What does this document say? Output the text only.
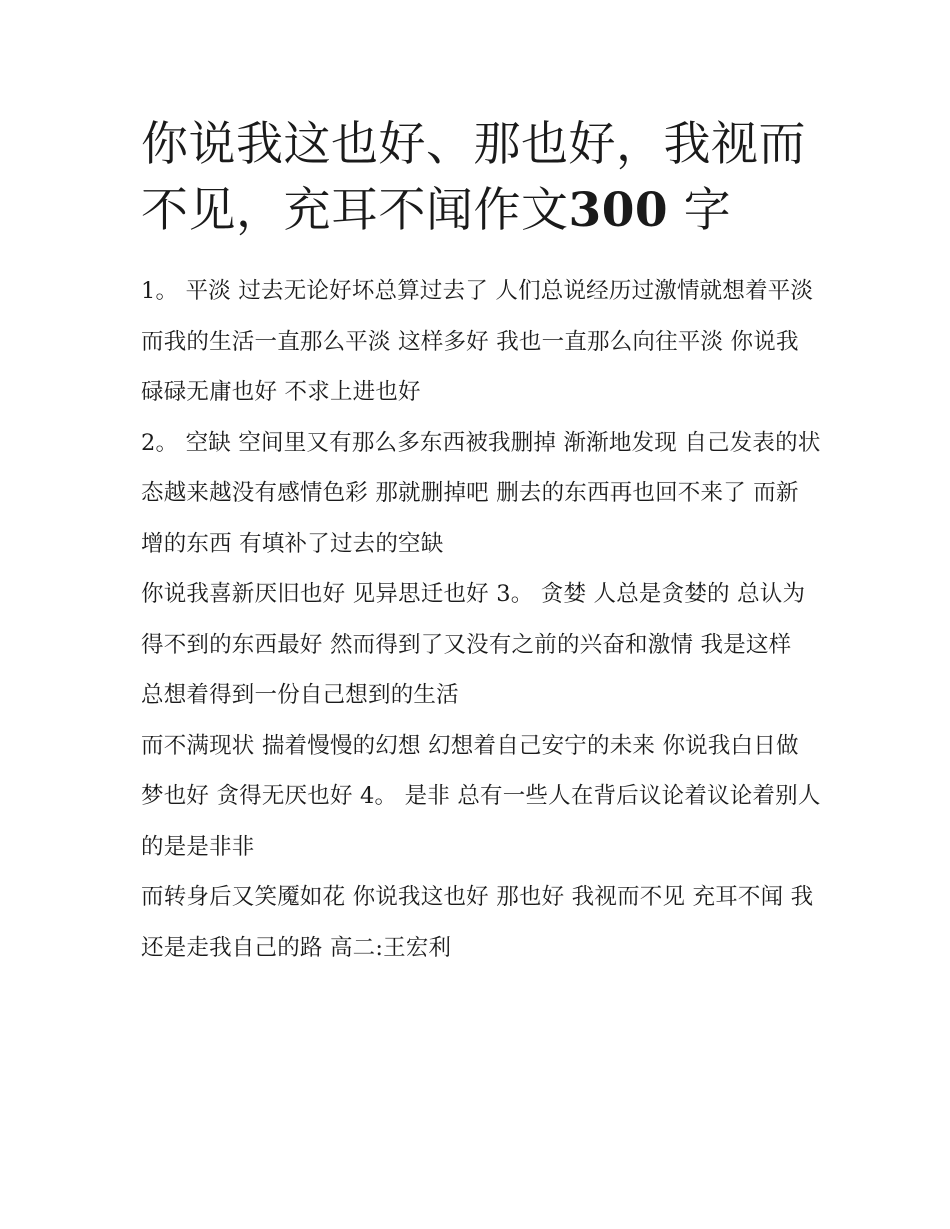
你说我这也好、那也好，我视而不见，充耳不闻作文300 字

1。 平淡 过去无论好坏总算过去了 人们总说经历过激情就想着平淡 而我的生活一直那么平淡 这样多好 我也一直那么向往平淡 你说我碌碌无庸也好 不求上进也好

2。 空缺 空间里又有那么多东西被我删掉 渐渐地发现 自己发表的状态越来越没有感情色彩 那就删掉吧 删去的东西再也回不来了 而新增的东西 有填补了过去的空缺

你说我喜新厌旧也好 见异思迁也好 3。 贪婪 人总是贪婪的 总认为得不到的东西最好 然而得到了又没有之前的兴奋和激情 我是这样 总想着得到一份自己想到的生活

而不满现状 揣着慢慢的幻想 幻想着自己安宁的未来 你说我白日做梦也好 贪得无厌也好 4。 是非 总有一些人在背后议论着议论着别人的是是非非

而转身后又笑魇如花 你说我这也好 那也好 我视而不见 充耳不闻 我还是走我自己的路 高二:王宏利
